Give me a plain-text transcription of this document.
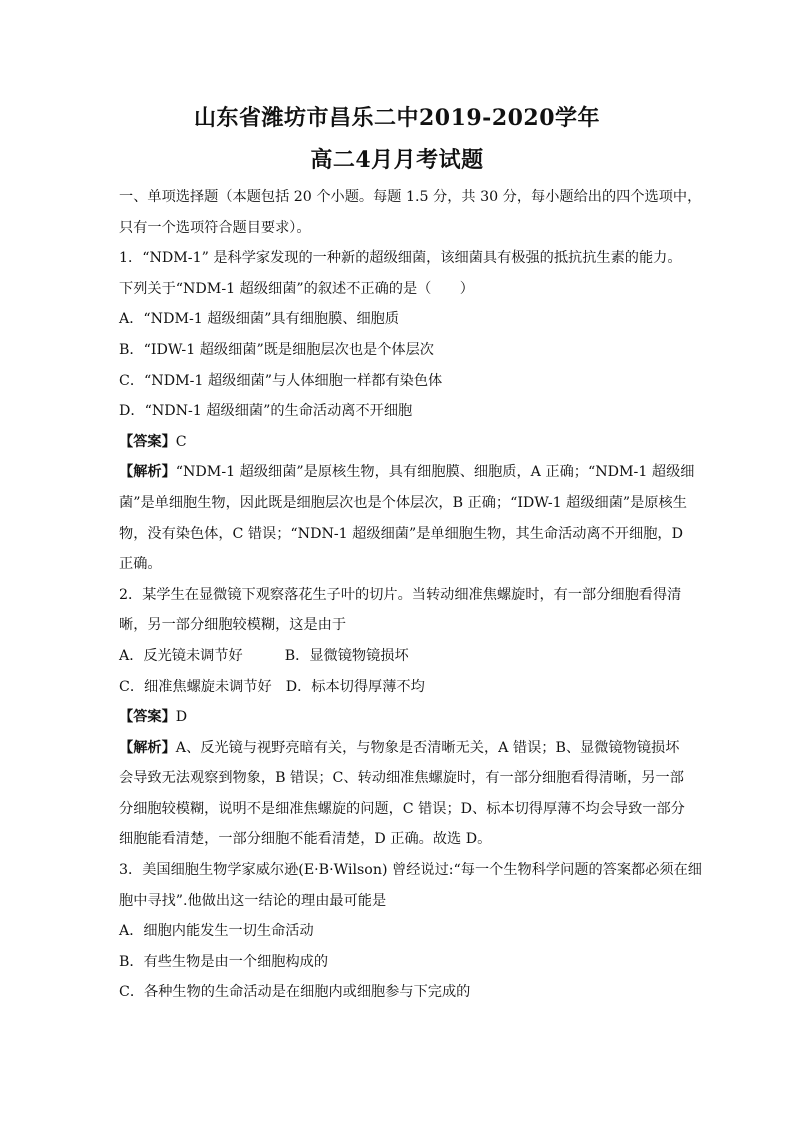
山东省潍坊市昌乐二中2019-2020学年
高二4月月考试题
一、单项选择题（本题包括 20 个小题。每题 1.5 分，共 30 分，每小题给出的四个选项中，
只有一个选项符合题目要求）。
1．“NDM-1” 是科学家发现的一种新的超级细菌，该细菌具有极强的抵抗抗生素的能力。
下列关于“NDM-1 超级细菌”的叙述不正确的是（　　）
A．“NDM-1 超级细菌”具有细胞膜、细胞质
B．“IDW-1 超级细菌”既是细胞层次也是个体层次
C．“NDM-1 超级细菌”与人体细胞一样都有染色体
D．“NDN-1 超级细菌”的生命活动离不开细胞
【答案】C
【解析】“NDM-1 超级细菌”是原核生物，具有细胞膜、细胞质，A 正确；“NDM-1 超级细
菌”是单细胞生物，因此既是细胞层次也是个体层次，B 正确；“IDW-1 超级细菌”是原核生
物，没有染色体，C 错误；“NDN-1 超级细菌”是单细胞生物，其生命活动离不开细胞，D
正确。
2．某学生在显微镜下观察落花生子叶的切片。当转动细准焦螺旋时，有一部分细胞看得清
晰，另一部分细胞较模糊，这是由于
A．反光镜未调节好	B．显微镜物镜损坏
C．细准焦螺旋未调节好 D．标本切得厚薄不均
【答案】D
【解析】A、反光镜与视野亮暗有关，与物象是否清晰无关，A 错误；B、显微镜物镜损坏
会导致无法观察到物象，B 错误；C、转动细准焦螺旋时，有一部分细胞看得清晰，另一部
分细胞较模糊，说明不是细准焦螺旋的问题，C 错误；D、标本切得厚薄不均会导致一部分
细胞能看清楚，一部分细胞不能看清楚，D 正确。故选 D。
3．美国细胞生物学家威尔逊(E·B·Wilson) 曾经说过:“每一个生物科学问题的答案都必须在细
胞中寻找”.他做出这一结论的理由最可能是
A．细胞内能发生一切生命活动
B．有些生物是由一个细胞构成的
C．各种生物的生命活动是在细胞内或细胞参与下完成的
